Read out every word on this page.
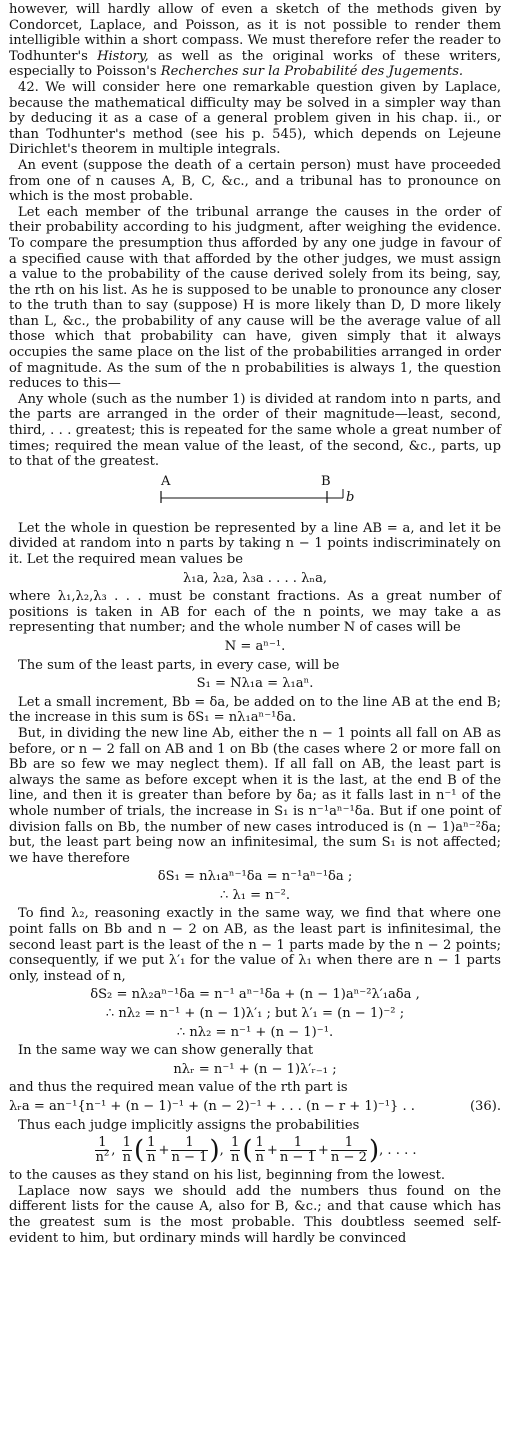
however, will hardly allow of even a sketch of the methods given by Condorcet, Laplace, and Poisson, as it is not possible to render them intelligible within a short compass. We must therefore refer the reader to Todhunter's History, as well as the original works of these writers, especially to Poisson's Recherches sur la Probabilité des Jugements.

42. We will consider here one remarkable question given by Laplace, because the mathematical difficulty may be solved in a simpler way than by deducing it as a case of a general problem given in his chap. ii., or than Todhunter's method (see his p. 545), which depends on Lejeune Dirichlet's theorem in multiple integrals.

An event (suppose the death of a certain person) must have proceeded from one of n causes A, B, C, &c., and a tribunal has to pronounce on which is the most probable.

Let each member of the tribunal arrange the causes in the order of their probability according to his judgment, after weighing the evidence. To compare the presumption thus afforded by any one judge in favour of a specified cause with that afforded by the other judges, we must assign a value to the probability of the cause derived solely from its being, say, the rth on his list. As he is supposed to be unable to pronounce any closer to the truth than to say (suppose) H is more likely than D, D more likely than L, &c., the probability of any cause will be the average value of all those which that probability can have, given simply that it always occupies the same place on the list of the probabilities arranged in order of magnitude. As the sum of the n probabilities is always 1, the question reduces to this—

Any whole (such as the number 1) is divided at random into n parts, and the parts are arranged in the order of their magnitude—least, second, third, . . . greatest; this is repeated for the same whole a great number of times; required the mean value of the least, of the second, &c., parts, up to that of the greatest.

A	B
b

Let the whole in question be represented by a line AB = a, and let it be divided at random into n parts by taking n − 1 points indiscriminately on it. Let the required mean values be

λ₁a, λ₂a, λ₃a . . . . λₙa,

where λ₁,λ₂,λ₃ . . . must be constant fractions. As a great number of positions is taken in AB for each of the n points, we may take a as representing that number; and the whole number N of cases will be

N = aⁿ⁻¹.

The sum of the least parts, in every case, will be

S₁ = Nλ₁a = λ₁aⁿ.

Let a small increment, Bb = δa, be added on to the line AB at the end B; the increase in this sum is δS₁ = nλ₁aⁿ⁻¹δa.

But, in dividing the new line Ab, either the n − 1 points all fall on AB as before, or n − 2 fall on AB and 1 on Bb (the cases where 2 or more fall on Bb are so few we may neglect them). If all fall on AB, the least part is always the same as before except when it is the last, at the end B of the line, and then it is greater than before by δa; as it falls last in n⁻¹ of the whole number of trials, the increase in S₁ is n⁻¹aⁿ⁻¹δa. But if one point of division falls on Bb, the number of new cases introduced is (n − 1)aⁿ⁻²δa; but, the least part being now an infinitesimal, the sum S₁ is not affected; we have therefore

δS₁ = nλ₁aⁿ⁻¹δa = n⁻¹aⁿ⁻¹δa ;
∴ λ₁ = n⁻².

To find λ₂, reasoning exactly in the same way, we find that where one point falls on Bb and n − 2 on AB, as the least part is infinitesimal, the second least part is the least of the n − 1 parts made by the n − 2 points; consequently, if we put λ′₁ for the value of λ₁ when there are n − 1 parts only, instead of n,

δS₂ = nλ₂aⁿ⁻¹δa = n⁻¹ aⁿ⁻¹δa + (n − 1)aⁿ⁻²λ′₁aδa ,
∴ nλ₂ = n⁻¹ + (n − 1)λ′₁ ; but λ′₁ = (n − 1)⁻² ;
∴ nλ₂ = n⁻¹ + (n − 1)⁻¹.

In the same way we can show generally that

nλᵣ = n⁻¹ + (n − 1)λ′ᵣ₋₁ ;

and thus the required mean value of the rth part is

λᵣa = an⁻¹{n⁻¹ + (n − 1)⁻¹ + (n − 2)⁻¹ + . . . (n − r + 1)⁻¹} . .	(36).

Thus each judge implicitly assigns the probabilities

$\frac{1}{n^2}$ , $\frac{1}{n}$ ( $\frac{1}{n} + \frac{1}{n - 1}$ ), $\frac{1}{n}$ ( $\frac{1}{n} + \frac{1}{n - 1} + \frac{1}{n - 2}$ ), . . . .

to the causes as they stand on his list, beginning from the lowest.

Laplace now says we should add the numbers thus found on the different lists for the cause A, also for B, &c.; and that cause which has the greatest sum is the most probable. This doubtless seemed self-evident to him, but ordinary minds will hardly be convinced
